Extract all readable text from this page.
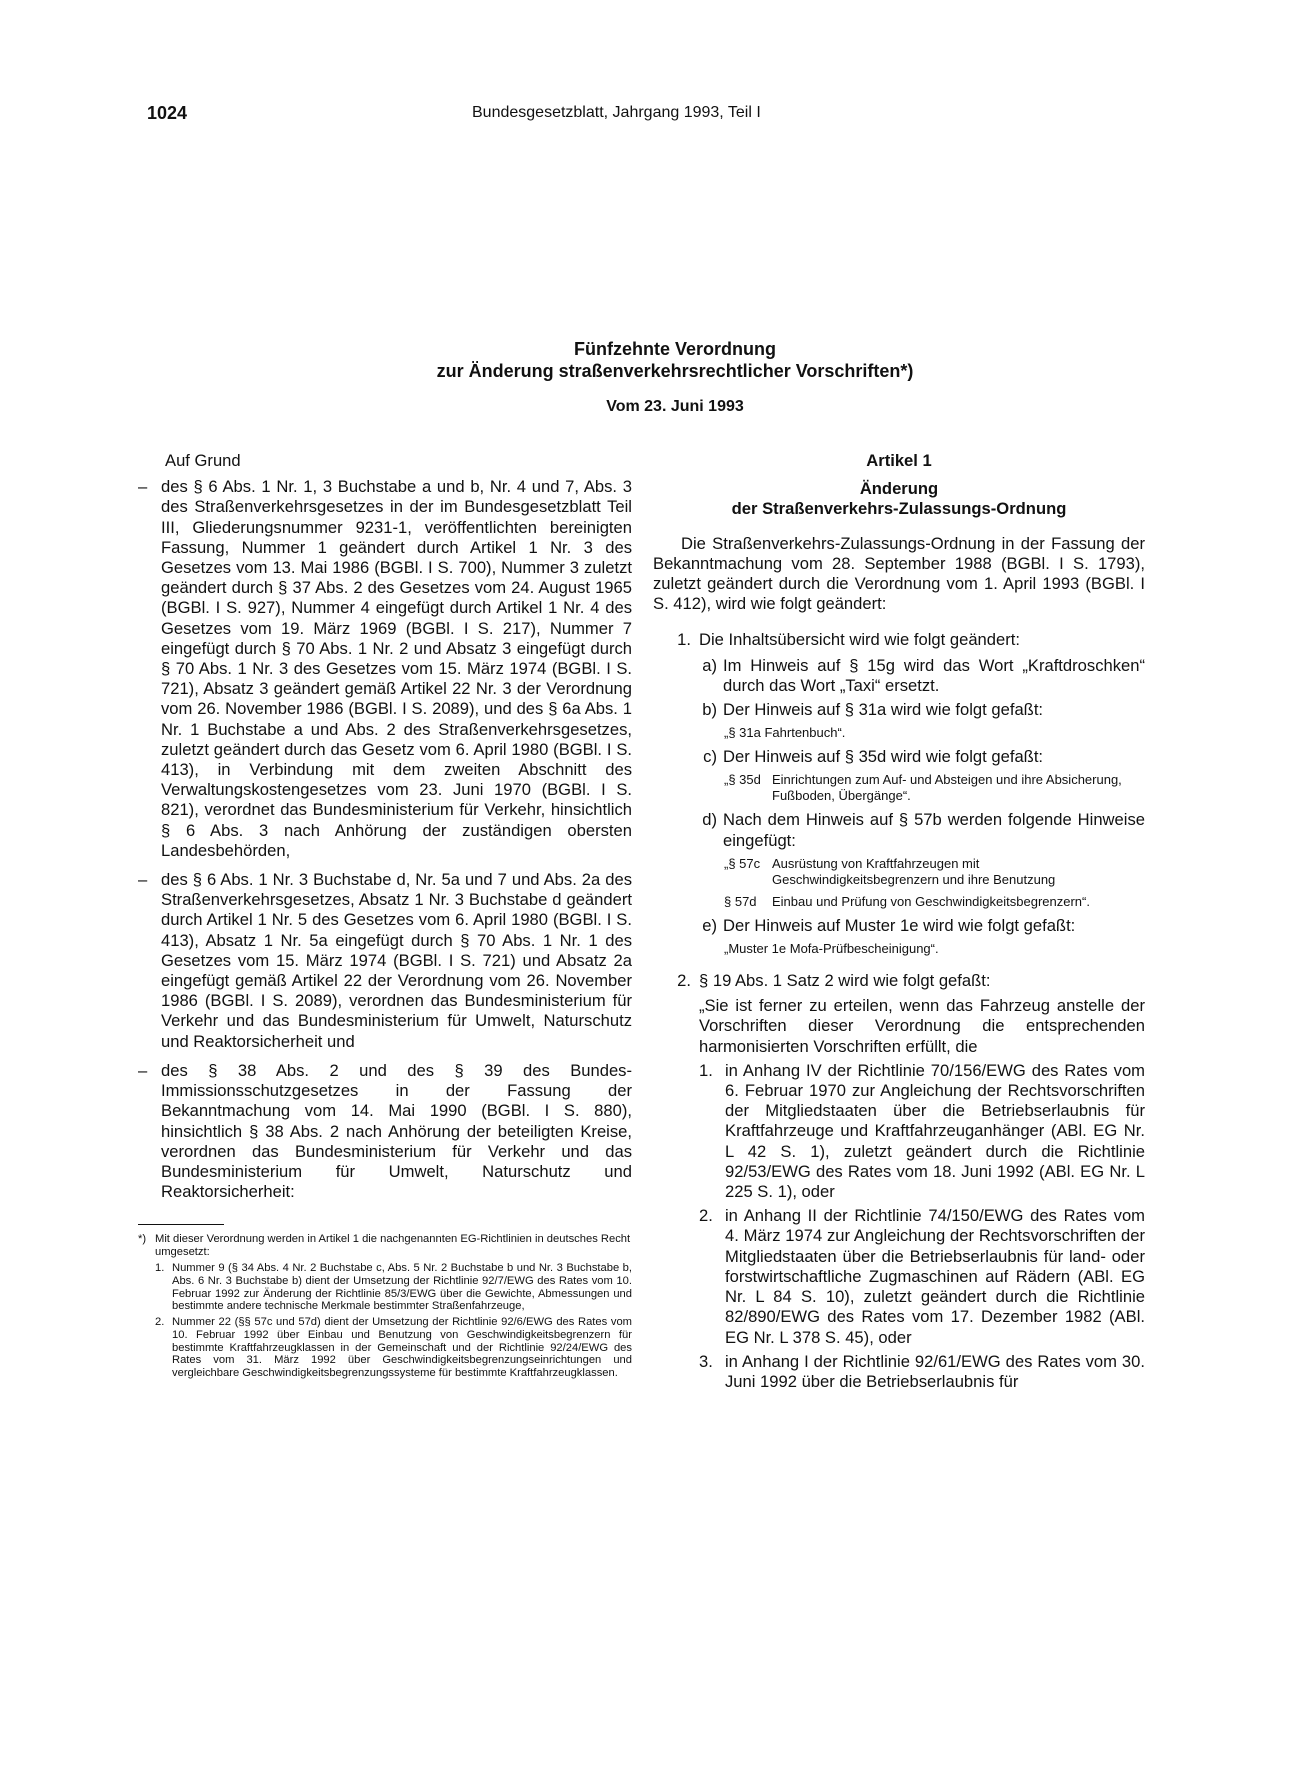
1024	Bundesgesetzblatt, Jahrgang 1993, Teil I
Fünfzehnte Verordnung
zur Änderung straßenverkehrsrechtlicher Vorschriften*)
Vom 23. Juni 1993
Auf Grund
– des § 6 Abs. 1 Nr. 1, 3 Buchstabe a und b, Nr. 4 und 7, Abs. 3 des Straßenverkehrsgesetzes in der im Bundesgesetzblatt Teil III, Gliederungsnummer 9231-1, veröffentlichten bereinigten Fassung, Nummer 1 geändert durch Artikel 1 Nr. 3 des Gesetzes vom 13. Mai 1986 (BGBl. I S. 700), Nummer 3 zuletzt geändert durch § 37 Abs. 2 des Gesetzes vom 24. August 1965 (BGBl. I S. 927), Nummer 4 eingefügt durch Artikel 1 Nr. 4 des Gesetzes vom 19. März 1969 (BGBl. I S. 217), Nummer 7 eingefügt durch § 70 Abs. 1 Nr. 2 und Absatz 3 eingefügt durch § 70 Abs. 1 Nr. 3 des Gesetzes vom 15. März 1974 (BGBl. I S. 721), Absatz 3 geändert gemäß Artikel 22 Nr. 3 der Verordnung vom 26. November 1986 (BGBl. I S. 2089), und des § 6a Abs. 1 Nr. 1 Buchstabe a und Abs. 2 des Straßenverkehrsgesetzes, zuletzt geändert durch das Gesetz vom 6. April 1980 (BGBl. I S. 413), in Verbindung mit dem zweiten Abschnitt des Verwaltungskostengesetzes vom 23. Juni 1970 (BGBl. I S. 821), verordnet das Bundesministerium für Verkehr, hinsichtlich § 6 Abs. 3 nach Anhörung der zuständigen obersten Landesbehörden,
– des § 6 Abs. 1 Nr. 3 Buchstabe d, Nr. 5a und 7 und Abs. 2a des Straßenverkehrsgesetzes, Absatz 1 Nr. 3 Buchstabe d geändert durch Artikel 1 Nr. 5 des Gesetzes vom 6. April 1980 (BGBl. I S. 413), Absatz 1 Nr. 5a eingefügt durch § 70 Abs. 1 Nr. 1 des Gesetzes vom 15. März 1974 (BGBl. I S. 721) und Absatz 2a eingefügt gemäß Artikel 22 der Verordnung vom 26. November 1986 (BGBl. I S. 2089), verordnen das Bundesministerium für Verkehr und das Bundesministerium für Umwelt, Naturschutz und Reaktorsicherheit und
– des § 38 Abs. 2 und des § 39 des Bundes-Immissionsschutzgesetzes in der Fassung der Bekanntmachung vom 14. Mai 1990 (BGBl. I S. 880), hinsichtlich § 38 Abs. 2 nach Anhörung der beteiligten Kreise, verordnen das Bundesministerium für Verkehr und das Bundesministerium für Umwelt, Naturschutz und Reaktorsicherheit:
*) Mit dieser Verordnung werden in Artikel 1 die nachgenannten EG-Richtlinien in deutsches Recht umgesetzt:
1. Nummer 9 (§ 34 Abs. 4 Nr. 2 Buchstabe c, Abs. 5 Nr. 2 Buchstabe b und Nr. 3 Buchstabe b, Abs. 6 Nr. 3 Buchstabe b) dient der Umsetzung der Richtlinie 92/7/EWG des Rates vom 10. Februar 1992 zur Änderung der Richtlinie 85/3/EWG über die Gewichte, Abmessungen und bestimmte andere technische Merkmale bestimmter Straßenfahrzeuge,
2. Nummer 22 (§§ 57c und 57d) dient der Umsetzung der Richtlinie 92/6/EWG des Rates vom 10. Februar 1992 über Einbau und Benutzung von Geschwindigkeitsbegrenzern für bestimmte Kraftfahrzeugklassen in der Gemeinschaft und der Richtlinie 92/24/EWG des Rates vom 31. März 1992 über Geschwindigkeitsbegrenzungseinrichtungen und vergleichbare Geschwindigkeitsbegrenzungssysteme für bestimmte Kraftfahrzeugklassen.
Artikel 1
Änderung
der Straßenverkehrs-Zulassungs-Ordnung
Die Straßenverkehrs-Zulassungs-Ordnung in der Fassung der Bekanntmachung vom 28. September 1988 (BGBl. I S. 1793), zuletzt geändert durch die Verordnung vom 1. April 1993 (BGBl. I S. 412), wird wie folgt geändert:
1. Die Inhaltsübersicht wird wie folgt geändert:
a) Im Hinweis auf § 15g wird das Wort „Kraftdroschken“ durch das Wort „Taxi“ ersetzt.
b) Der Hinweis auf § 31a wird wie folgt gefaßt:
„§ 31a Fahrtenbuch“.
c) Der Hinweis auf § 35d wird wie folgt gefaßt:
„§ 35d Einrichtungen zum Auf- und Absteigen und ihre Absicherung, Fußboden, Übergänge“.
d) Nach dem Hinweis auf § 57b werden folgende Hinweise eingefügt:
„§ 57c Ausrüstung von Kraftfahrzeugen mit Geschwindigkeitsbegrenzern und ihre Benutzung
§ 57d	Einbau und Prüfung von Geschwindigkeitsbegrenzern“.
e) Der Hinweis auf Muster 1e wird wie folgt gefaßt:
„Muster 1e Mofa-Prüfbescheinigung“.
2. § 19 Abs. 1 Satz 2 wird wie folgt gefaßt:
„Sie ist ferner zu erteilen, wenn das Fahrzeug anstelle der Vorschriften dieser Verordnung die entsprechenden harmonisierten Vorschriften erfüllt, die
1. in Anhang IV der Richtlinie 70/156/EWG des Rates vom 6. Februar 1970 zur Angleichung der Rechtsvorschriften der Mitgliedstaaten über die Betriebserlaubnis für Kraftfahrzeuge und Kraftfahrzeuganhänger (ABl. EG Nr. L 42 S. 1), zuletzt geändert durch die Richtlinie 92/53/EWG des Rates vom 18. Juni 1992 (ABl. EG Nr. L 225 S. 1), oder
2. in Anhang II der Richtlinie 74/150/EWG des Rates vom 4. März 1974 zur Angleichung der Rechtsvorschriften der Mitgliedstaaten über die Betriebserlaubnis für land- oder forstwirtschaftliche Zugmaschinen auf Rädern (ABl. EG Nr. L 84 S. 10), zuletzt geändert durch die Richtlinie 82/890/EWG des Rates vom 17. Dezember 1982 (ABl. EG Nr. L 378 S. 45), oder
3. in Anhang I der Richtlinie 92/61/EWG des Rates vom 30. Juni 1992 über die Betriebserlaubnis für
